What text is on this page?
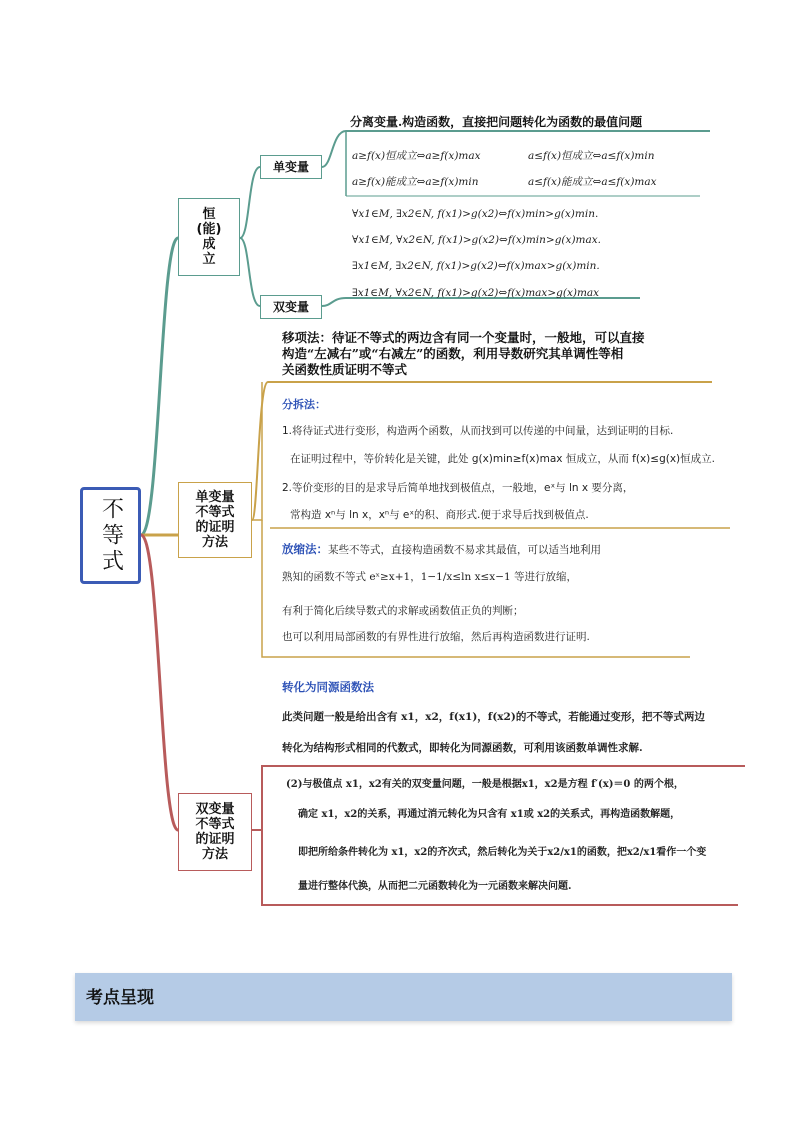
不等式
恒
(能)
成
立
单变量
分离变量.构造函数，直接把问题转化为函数的最值问题
a≥f(x)恒成立⇔a≥f(x)max	a≤f(x)恒成立⇔a≤f(x)min
a≥f(x)能成立⇔a≥f(x)min	a≤f(x)能成立⇔a≤f(x)max
双变量
∀x1∈M, ∃x2∈N, f(x1)>g(x2)⇔f(x)min>g(x)min.
∀x1∈M, ∀x2∈N, f(x1)>g(x2)⇔f(x)min>g(x)max.
∃x1∈M, ∃x2∈N, f(x1)>g(x2)⇔f(x)max>g(x)min.
∃x1∈M, ∀x2∈N, f(x1)>g(x2)⇔f(x)max>g(x)max
单变量
不等式
的证明
方法
移项法：待证不等式的两边含有同一个变量时，一般地，可以直接
构造“左减右”或“右减左”的函数，利用导数研究其单调性等相
关函数性质证明不等式
分拆法：
1.将待证式进行变形，构造两个函数，从而找到可以传递的中间量，达到证明的目标.
在证明过程中，等价转化是关键，此处 g(x)min≥f(x)max 恒成立，从而 f(x)≤g(x)恒成立.
2.等价变形的目的是求导后简单地找到极值点，一般地，eˣ与 ln x 要分离，
常构造 xⁿ与 ln x，xⁿ与 eˣ的积、商形式.便于求导后找到极值点.
放缩法：某些不等式，直接构造函数不易求其最值，可以适当地利用
熟知的函数不等式 eˣ≥x+1，1−1/x≤ln x≤x−1 等进行放缩，
有利于简化后续导数式的求解或函数值正负的判断；
也可以利用局部函数的有界性进行放缩，然后再构造函数进行证明.
双变量
不等式
的证明
方法
转化为同源函数法
此类问题一般是给出含有 x1，x2，f(x1)，f(x2)的不等式，若能通过变形，把不等式两边
转化为结构形式相同的代数式，即转化为同源函数，可利用该函数单调性求解.
(2)与极值点 x1，x2有关的双变量问题，一般是根据x1，x2是方程 f′(x)＝0 的两个根，
确定 x1，x2的关系，再通过消元转化为只含有 x1或 x2的关系式，再构造函数解题，
即把所给条件转化为 x1，x2的齐次式，然后转化为关于x2/x1的函数，把x2/x1看作一个变
量进行整体代换，从而把二元函数转化为一元函数来解决问题.
考点呈现
